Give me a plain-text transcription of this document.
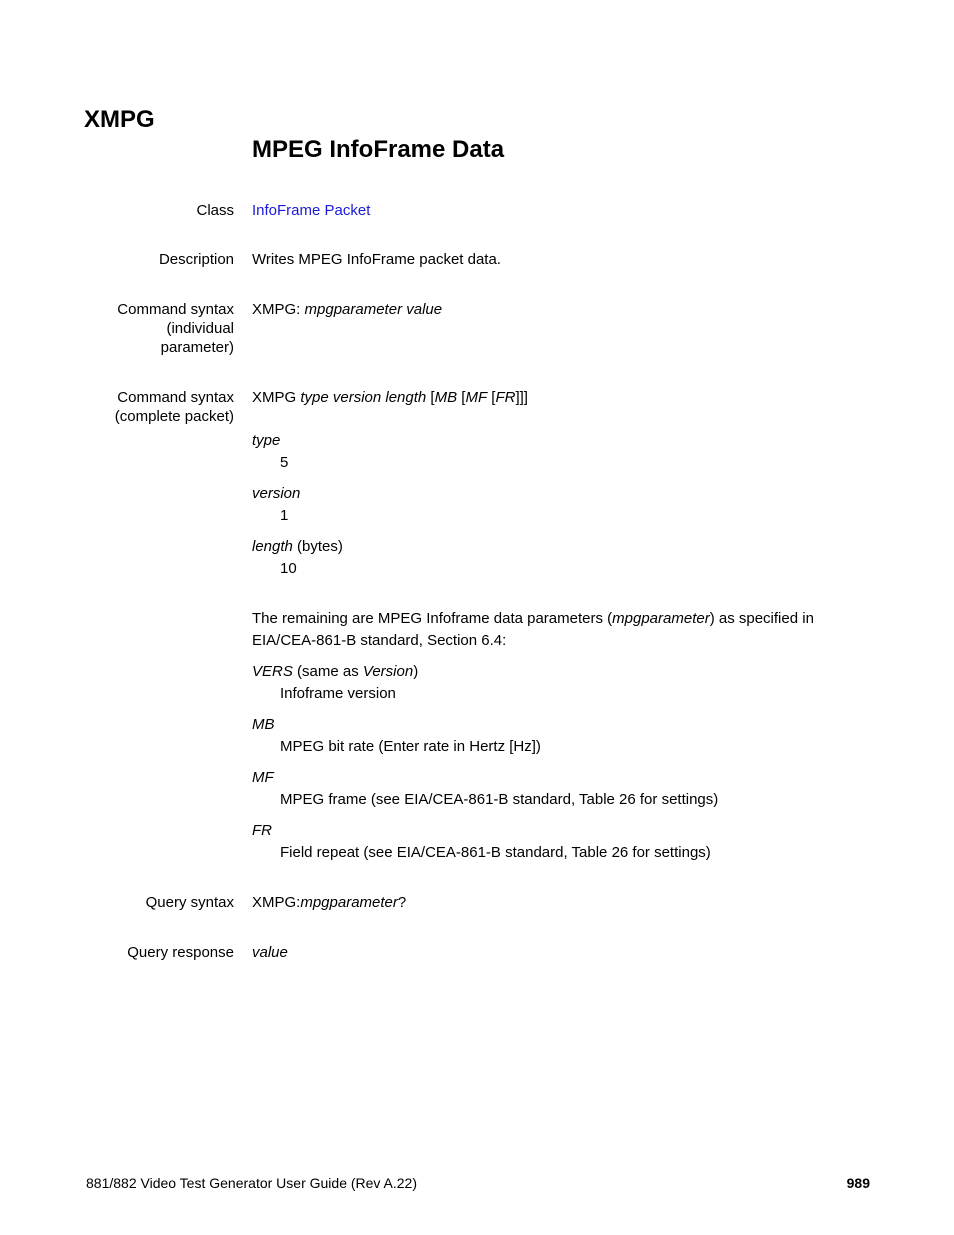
XMPG
MPEG InfoFrame Data
Class InfoFrame Packet
Description Writes MPEG InfoFrame packet data.
Command syntax
(individual
parameter)
XMPG: mpgparameter value
Command syntax
(complete packet)
XMPG type version length [MB [MF [FR]]]
type
5
version
1
length (bytes)
10
The remaining are MPEG Infoframe data parameters (mpgparameter) as specified in
EIA/CEA-861-B standard, Section 6.4:
VERS (same as Version)
Infoframe version
MB
MPEG bit rate (Enter rate in Hertz [Hz])
MF
MPEG frame (see EIA/CEA-861-B standard, Table 26 for settings)
FR
Field repeat (see EIA/CEA-861-B standard, Table 26 for settings)
Query syntax XMPG:mpgparameter?
Query response value
881/882 Video Test Generator User Guide (Rev A.22)	989
